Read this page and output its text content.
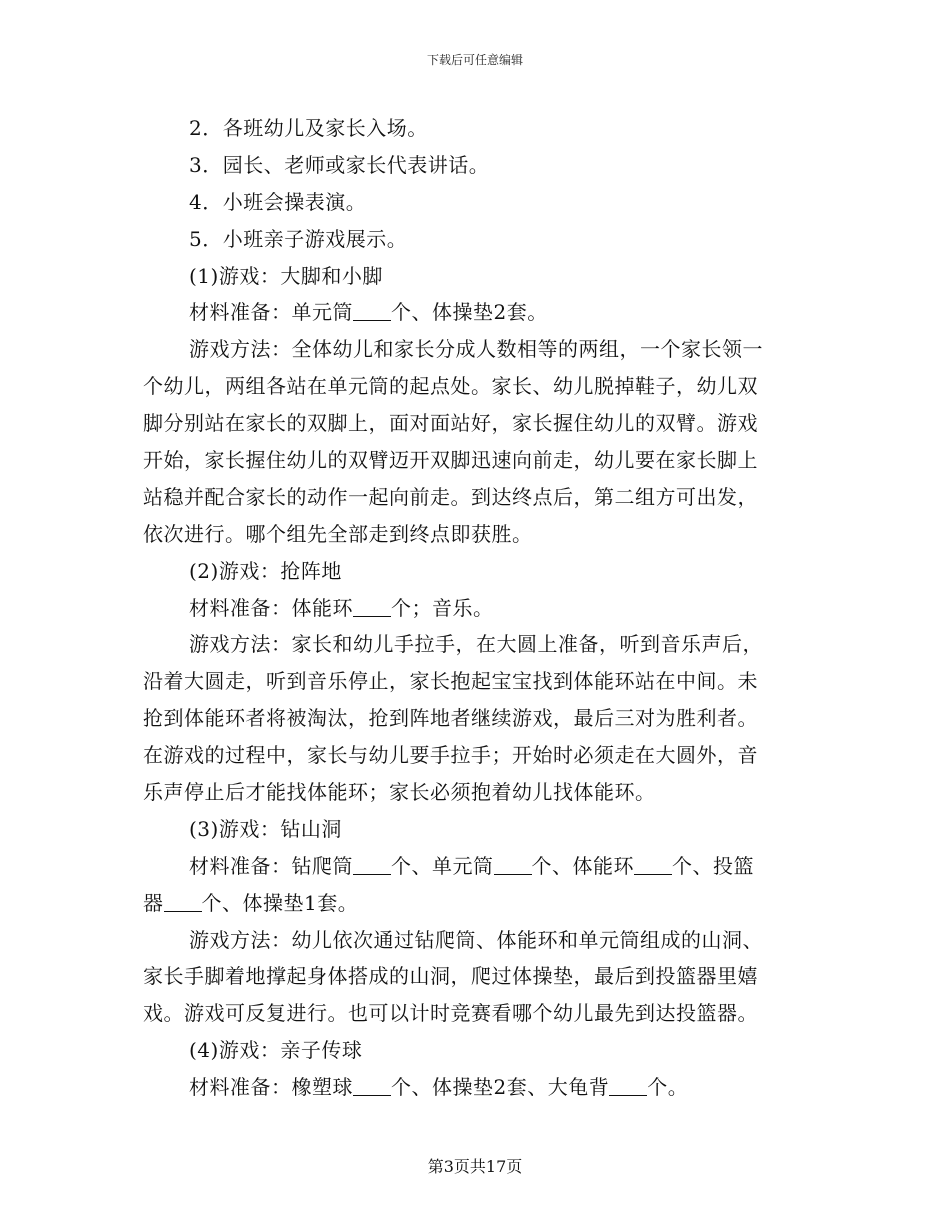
下载后可任意编辑
2．各班幼儿及家长入场。
3．园长、老师或家长代表讲话。
4．小班会操表演。
5．小班亲子游戏展示。
(1)游戏：大脚和小脚
材料准备：单元筒 个、体操垫2套。
游戏方法：全体幼儿和家长分成人数相等的两组，一个家长领一
个幼儿，两组各站在单元筒的起点处。家长、幼儿脱掉鞋子，幼儿双
脚分别站在家长的双脚上，面对面站好，家长握住幼儿的双臂。游戏
开始，家长握住幼儿的双臂迈开双脚迅速向前走，幼儿要在家长脚上
站稳并配合家长的动作一起向前走。到达终点后，第二组方可出发，
依次进行。哪个组先全部走到终点即获胜。
(2)游戏：抢阵地
材料准备：体能环 个；音乐。
游戏方法：家长和幼儿手拉手，在大圆上准备，听到音乐声后，
沿着大圆走，听到音乐停止，家长抱起宝宝找到体能环站在中间。未
抢到体能环者将被淘汰，抢到阵地者继续游戏，最后三对为胜利者。
在游戏的过程中，家长与幼儿要手拉手；开始时必须走在大圆外，音
乐声停止后才能找体能环；家长必须抱着幼儿找体能环。
(3)游戏：钻山洞
材料准备：钻爬筒 个、单元筒 个、体能环 个、投篮
器 个、体操垫1套。
游戏方法：幼儿依次通过钻爬筒、体能环和单元筒组成的山洞、
家长手脚着地撑起身体搭成的山洞，爬过体操垫，最后到投篮器里嬉
戏。游戏可反复进行。也可以计时竞赛看哪个幼儿最先到达投篮器。
(4)游戏：亲子传球
材料准备：橡塑球 个、体操垫2套、大龟背 个。
第3页共17页
